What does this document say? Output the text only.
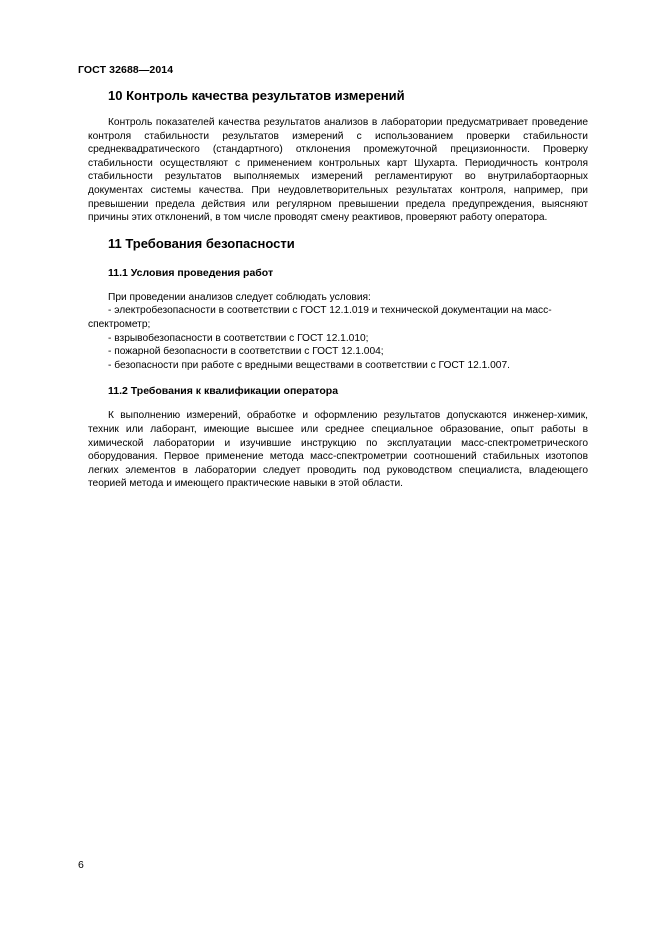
ГОСТ 32688—2014
10 Контроль качества результатов измерений

Контроль показателей качества результатов анализов в лаборатории предусматривает проведение контроля стабильности результатов измерений с использованием проверки стабильности среднеквадратического (стандартного) отклонения промежуточной прецизионности. Проверку стабильности осуществляют с применением контрольных карт Шухарта. Периодичность контроля стабильности результатов выполняемых измерений регламентируют во внутрилабортаорных документах системы качества. При неудовлетворительных результатах контроля, например, при превышении предела действия или регулярном превышении предела предупреждения, выясняют причины этих отклонений, в том числе проводят смену реактивов, проверяют работу оператора.

11 Требования безопасности
11.1 Условия проведения работ

При проведении анализов следует соблюдать условия:

- электробезопасности в соответствии с ГОСТ 12.1.019 и технической документации на масс-спектрометр;
- взрывобезопасности в соответствии с ГОСТ 12.1.010;
- пожарной безопасности в соответствии с ГОСТ 12.1.004;
- безопасности при работе с вредными веществами в соответствии с ГОСТ 12.1.007.
11.2 Требования к квалификации оператора

К выполнению измерений, обработке и оформлению результатов допускаются инженер-химик, техник или лаборант, имеющие высшее или среднее специальное образование, опыт работы в химической лаборатории и изучившие инструкцию по эксплуатации масс-спектрометрического оборудования. Первое применение метода масс-спектрометрии соотношений стабильных изотопов легких элементов в лаборатории следует проводить под руководством специалиста, владеющего теорией метода и имеющего практические навыки в этой области.

6
